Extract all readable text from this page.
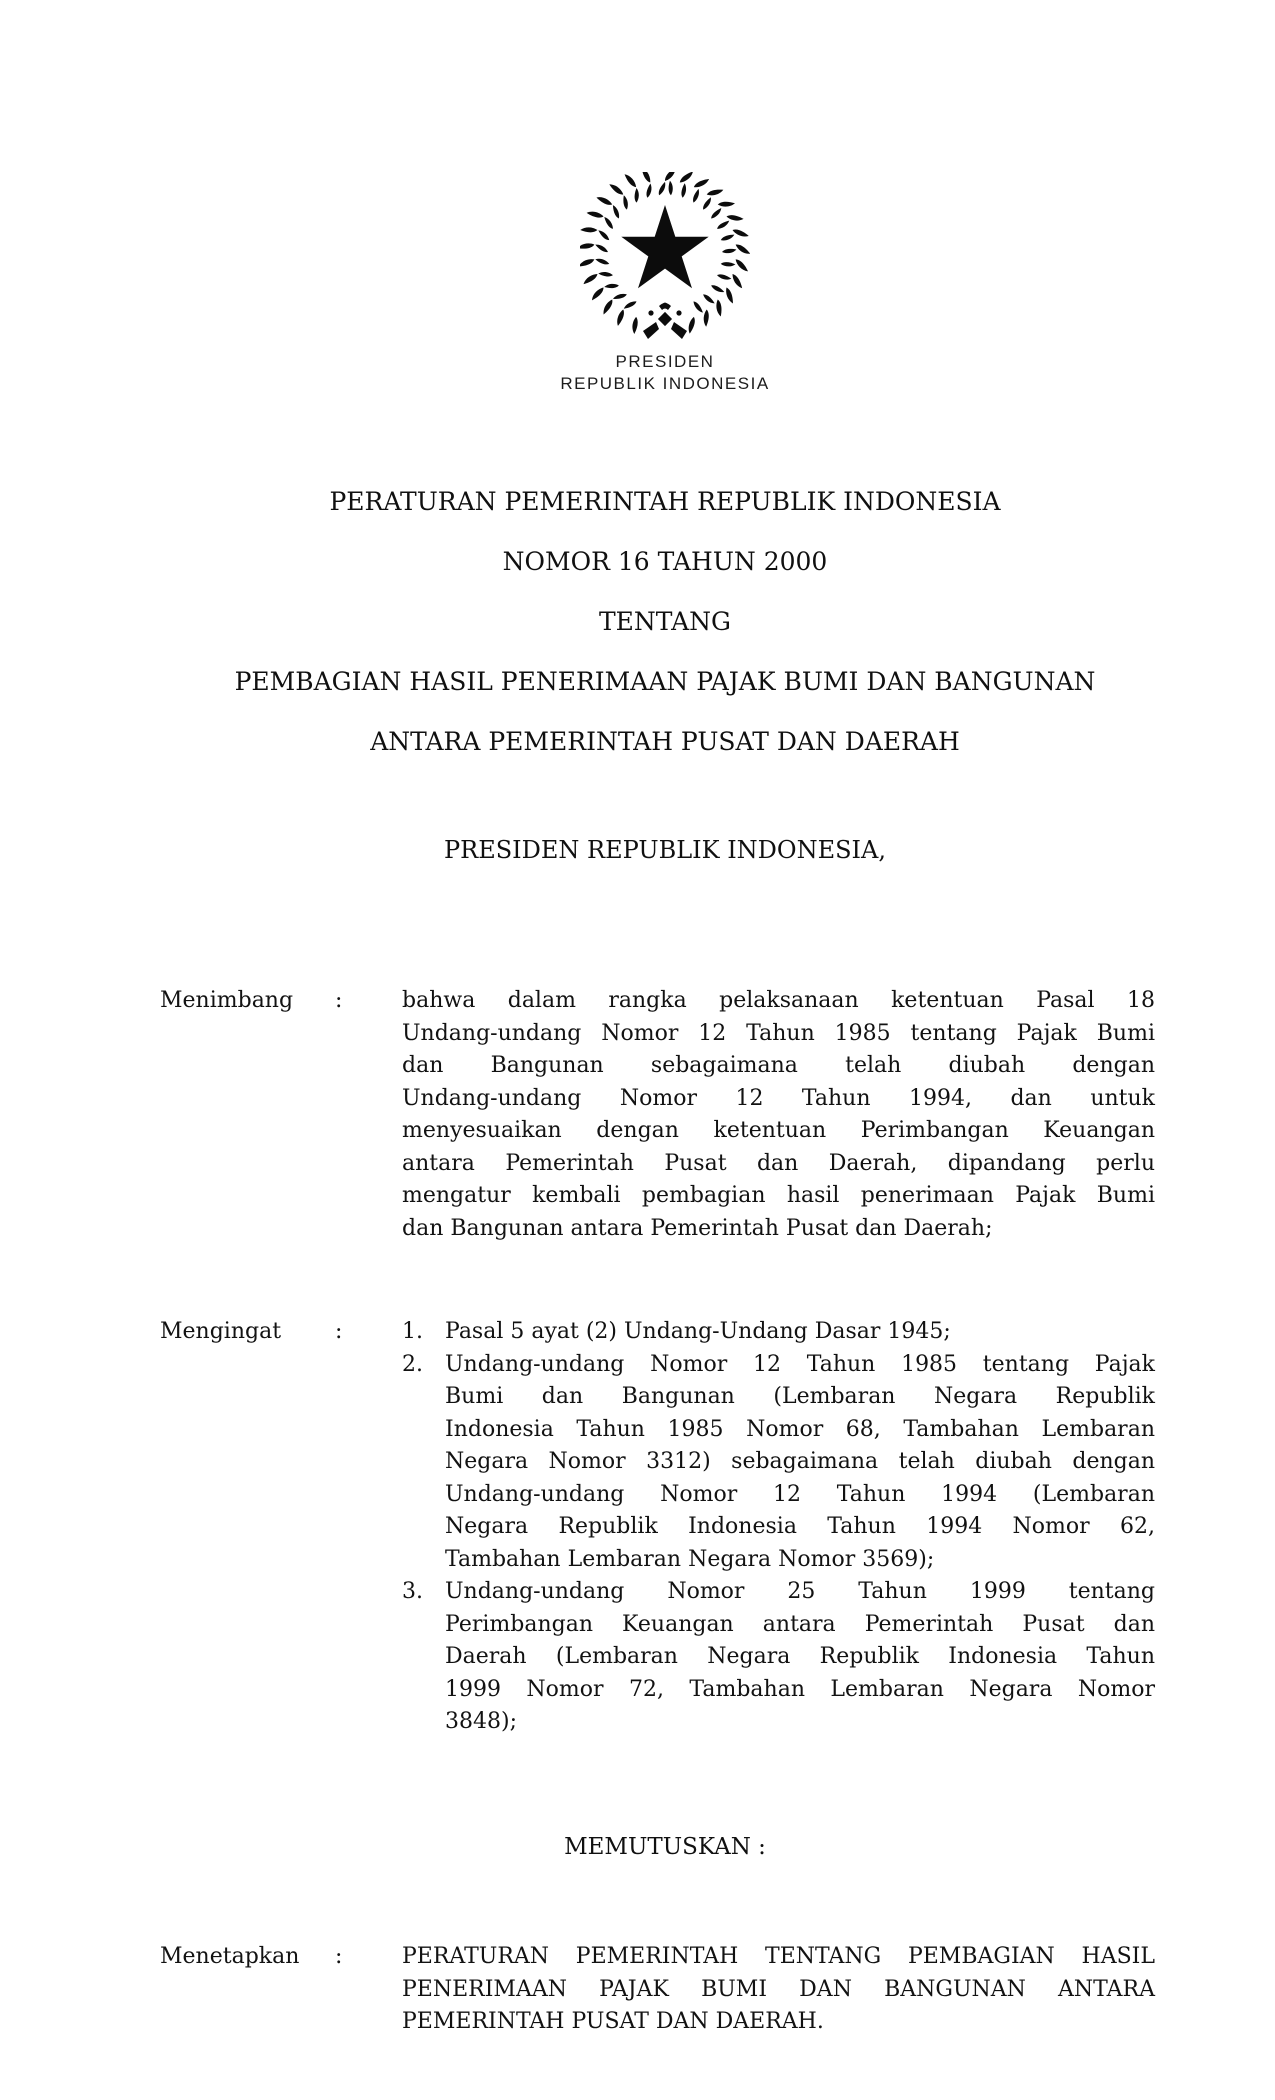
PRESIDEN
REPUBLIK INDONESIA
PERATURAN PEMERINTAH REPUBLIK INDONESIA
NOMOR 16 TAHUN 2000
TENTANG
PEMBAGIAN HASIL PENERIMAAN PAJAK BUMI DAN BANGUNAN
ANTARA PEMERINTAH PUSAT DAN DAERAH
PRESIDEN REPUBLIK INDONESIA,
Menimbang	:	bahwa dalam rangka pelaksanaan ketentuan Pasal 18
Undang-undang Nomor 12 Tahun 1985 tentang Pajak Bumi
dan Bangunan sebagaimana telah diubah dengan
Undang-undang Nomor 12 Tahun 1994, dan untuk
menyesuaikan dengan ketentuan Perimbangan Keuangan
antara Pemerintah Pusat dan Daerah, dipandang perlu
mengatur kembali pembagian hasil penerimaan Pajak Bumi
dan Bangunan antara Pemerintah Pusat dan Daerah;
Mengingat	:	1.	Pasal 5 ayat (2) Undang-Undang Dasar 1945;
2.	Undang-undang Nomor 12 Tahun 1985 tentang Pajak
Bumi dan Bangunan (Lembaran Negara Republik
Indonesia Tahun 1985 Nomor 68, Tambahan Lembaran
Negara Nomor 3312) sebagaimana telah diubah dengan
Undang-undang Nomor 12 Tahun 1994 (Lembaran
Negara Republik Indonesia Tahun 1994 Nomor 62,
Tambahan Lembaran Negara Nomor 3569);
3.	Undang-undang Nomor 25 Tahun 1999 tentang
Perimbangan Keuangan antara Pemerintah Pusat dan
Daerah (Lembaran Negara Republik Indonesia Tahun
1999 Nomor 72, Tambahan Lembaran Negara Nomor
3848);
MEMUTUSKAN :
Menetapkan	:	PERATURAN PEMERINTAH TENTANG PEMBAGIAN HASIL
PENERIMAAN PAJAK BUMI DAN BANGUNAN ANTARA
PEMERINTAH PUSAT DAN DAERAH.
